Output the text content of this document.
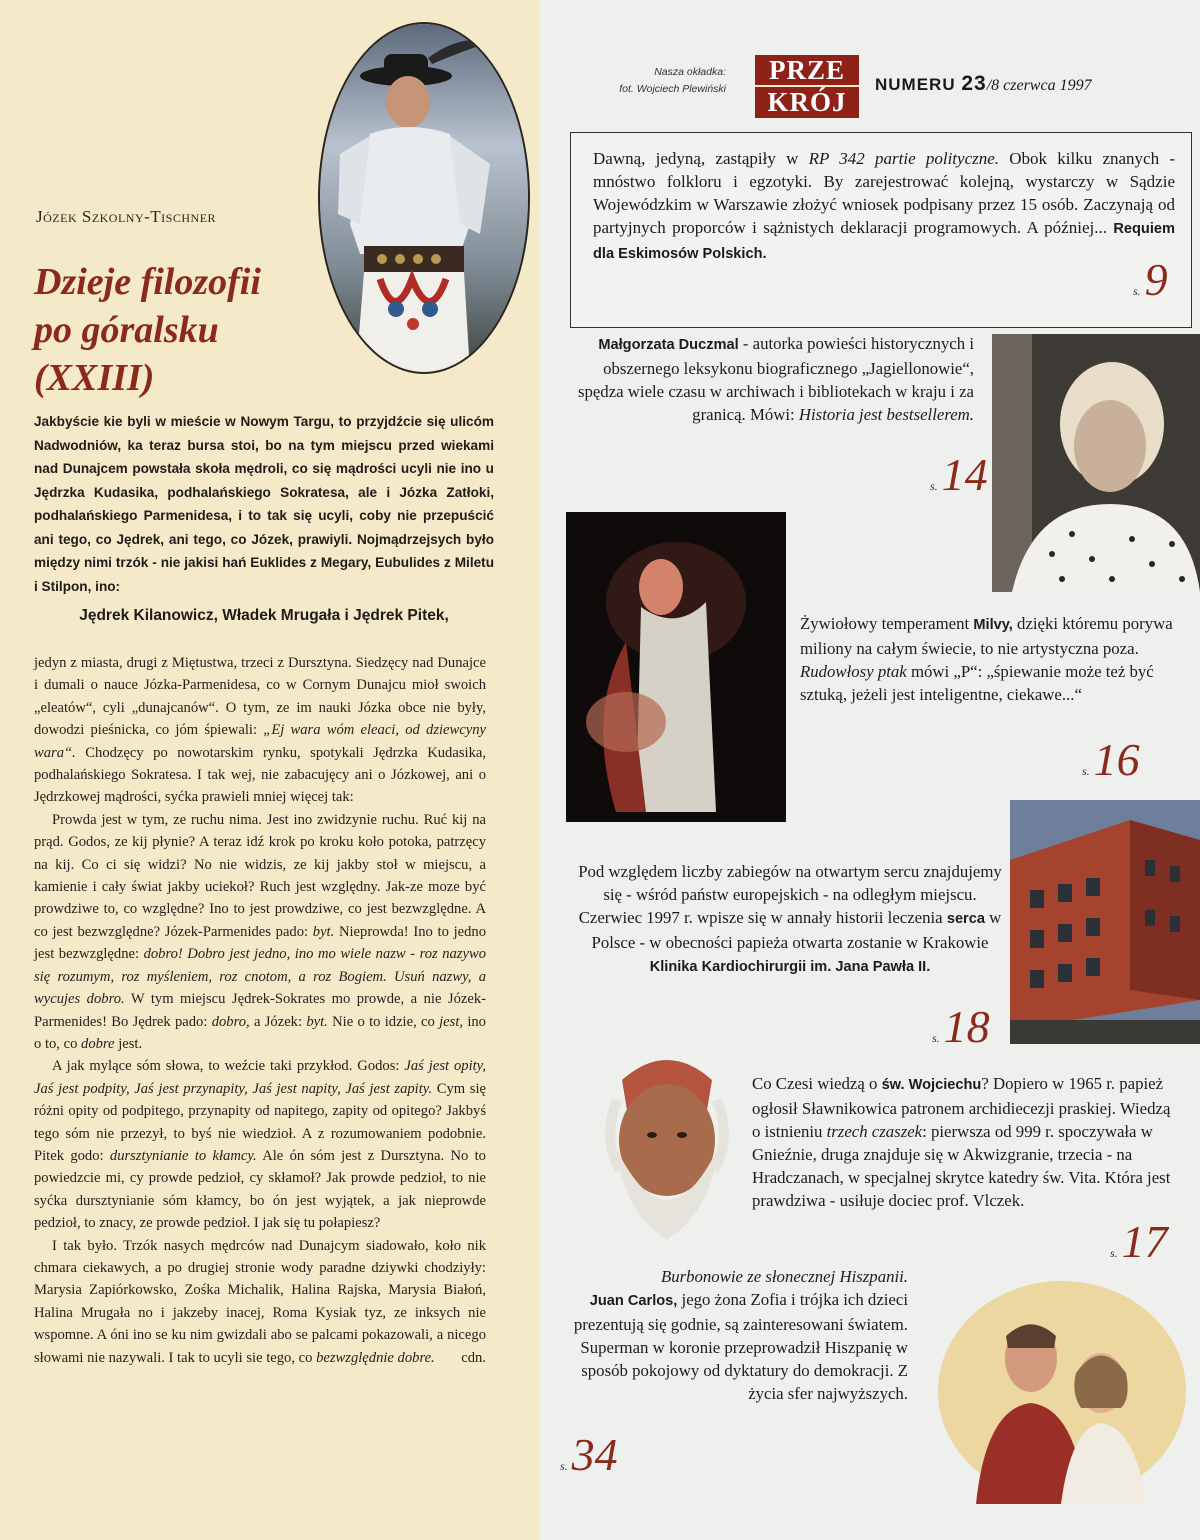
Józek Szkolny-Tischner
Dzieje filozofii
po góralsku (XXIII)
Jakbyście kie byli w mieście w Nowym Targu, to przyjdźcie się ulicóm Nadwodniów, ka teraz bursa stoi, bo na tym miejscu przed wiekami nad Dunajcem powstała skoła mędroli, co się mądrości ucyli nie ino u Jędrzka Kudasika, podhalańskiego Sokratesa, ale i Józka Zatłoki, podhalańskiego Parmenidesa, i to tak się ucyli, coby nie przepuścić ani tego, co Jędrek, ani tego, co Józek, prawiyli. Nojmądrzejsych było między nimi trzók - nie jakisi hań Euklides z Megary, Eubulides z Miletu i Stilpon, ino:
Jędrek Kilanowicz, Władek Mrugała i Jędrek Pitek,

jedyn z miasta, drugi z Miętustwa, trzeci z Dursztyna. Siedzęcy nad Dunajce i dumali o nauce Józka-Parmenidesa, co w Cornym Dunajcu mioł swoich „eleatów“, cyli „dunajcanów“. O tym, ze im nauki Józka obce nie były, dowodzi pieśnicka, co jóm śpiewali: „Ej wara wóm eleaci, od dziewcyny wara“. Chodzęcy po nowotarskim rynku, spotykali Jędrzka Kudasika, podhalańskiego Sokratesa. I tak wej, nie zabacujęcy ani o Józkowej, ani o Jędrzkowej mądrości, syćka prawieli mniej więcej tak:

Prowda jest w tym, ze ruchu nima. Jest ino zwidzynie ruchu. Ruć kij na prąd. Godos, ze kij płynie? A teraz idź krok po kroku koło potoka, patrzęcy na kij. Co ci się widzi? No nie widzis, ze kij jakby stoł w miejscu, a kamienie i cały świat jakby uciekoł? Ruch jest względny. Jak-ze moze być prowdziwe to, co względne? Ino to jest prowdziwe, co jest bezwzględne. A co jest bezwzględne? Józek-Parmenides pado: byt. Nieprowda! Ino to jedno jest bezwzględne: dobro! Dobro jest jedno, ino mo wiele nazw - roz nazywo się rozumym, roz myśleniem, roz cnotom, a roz Bogiem. Usuń nazwy, a wycujes dobro. W tym miejscu Jędrek-Sokrates mo prowde, a nie Józek-Parmenides! Bo Jędrek pado: dobro, a Józek: byt. Nie o to idzie, co jest, ino o to, co dobre jest.

A jak mylące sóm słowa, to weźcie taki przykłod. Godos: Jaś jest opity, Jaś jest podpity, Jaś jest przynapity, Jaś jest napity, Jaś jest zapity. Cym się różni opity od podpitego, przynapity od napitego, zapity od opitego? Jakbyś tego sóm nie przezył, to byś nie wiedzioł. A z rozumowaniem podobnie. Pitek godo: dursztynianie to kłamcy. Ale ón sóm jest z Dursztyna. No to powiedzcie mi, cy prowde pedzioł, cy skłamoł? Jak prowde pedzioł, to nie syćka dursztynianie sóm kłamcy, bo ón jest wyjątek, a jak nieprowde pedzioł, to znacy, ze prowde pedzioł. I jak się tu połapiesz?

I tak było. Trzók nasych mędrców nad Dunajcym siadowało, koło nik chmara ciekawych, a po drugiej stronie wody paradne dziywki chodziyły: Marysia Zapiórkowsko, Zośka Michalik, Halina Rajska, Marysia Białoń, Halina Mrugała no i jakzeby inacej, Roma Kysiak tyz, ze inksych nie wspomne. A óni ino se ku nim gwizdali abo se palcami pokazowali, a nicego słowami nie nazywali. I tak to ucyli sie tego, co bezwzględnie dobre.	cdn.

Nasza okładka:
fot. Wojciech Plewiński
PRZE
KRÓJ
NUMERU 23/8 czerwca 1997
Dawną, jedyną, zastąpiły w RP 342 partie polityczne. Obok kilku znanych - mnóstwo folkloru i egzotyki. By zarejestrować kolejną, wystarczy w Sądzie Wojewódzkim w Warszawie złożyć wniosek podpisany przez 15 osób. Zaczynają od partyjnych proporców i sążnistych deklaracji programowych. A później... Requiem dla Eskimosów Polskich.
s.9
Małgorzata Duczmal - autorka powieści historycznych i obszernego leksykonu biograficznego „Jagiellonowie“, spędza wiele czasu w archiwach i bibliotekach w kraju i za granicą. Mówi: Historia jest bestsellerem.
s.14
Żywiołowy temperament Milvy, dzięki któremu porywa miliony na całym świecie, to nie artystyczna poza. Rudowłosy ptak mówi „P“: „śpiewanie może też być sztuką, jeżeli jest inteligentne, ciekawe...“
s.16
Pod względem liczby zabiegów na otwartym sercu znajdujemy się - wśród państw europejskich - na odległym miejscu. Czerwiec 1997 r. wpisze się w annały historii leczenia serca w Polsce - w obecności papieża otwarta zostanie w Krakowie Klinika Kardiochirurgii im. Jana Pawła II.
s.18
Co Czesi wiedzą o św. Wojciechu? Dopiero w 1965 r. papież ogłosił Sławnikowica patronem archidiecezji praskiej. Wiedzą o istnieniu trzech czaszek: pierwsza od 999 r. spoczywała w Gnieźnie, druga znajduje się w Akwizgranie, trzecia - na Hradczanach, w specjalnej skrytce katedry św. Vita. Która jest prawdziwa - usiłuje dociec prof. Vlczek.
s.17
Burbonowie ze słonecznej Hiszpanii.
Juan Carlos, jego żona Zofia i trójka ich dzieci prezentują się godnie, są zainteresowani światem. Superman w koronie przeprowadził Hiszpanię w sposób pokojowy od dyktatury do demokracji. Z życia sfer najwyższych.
s.34
